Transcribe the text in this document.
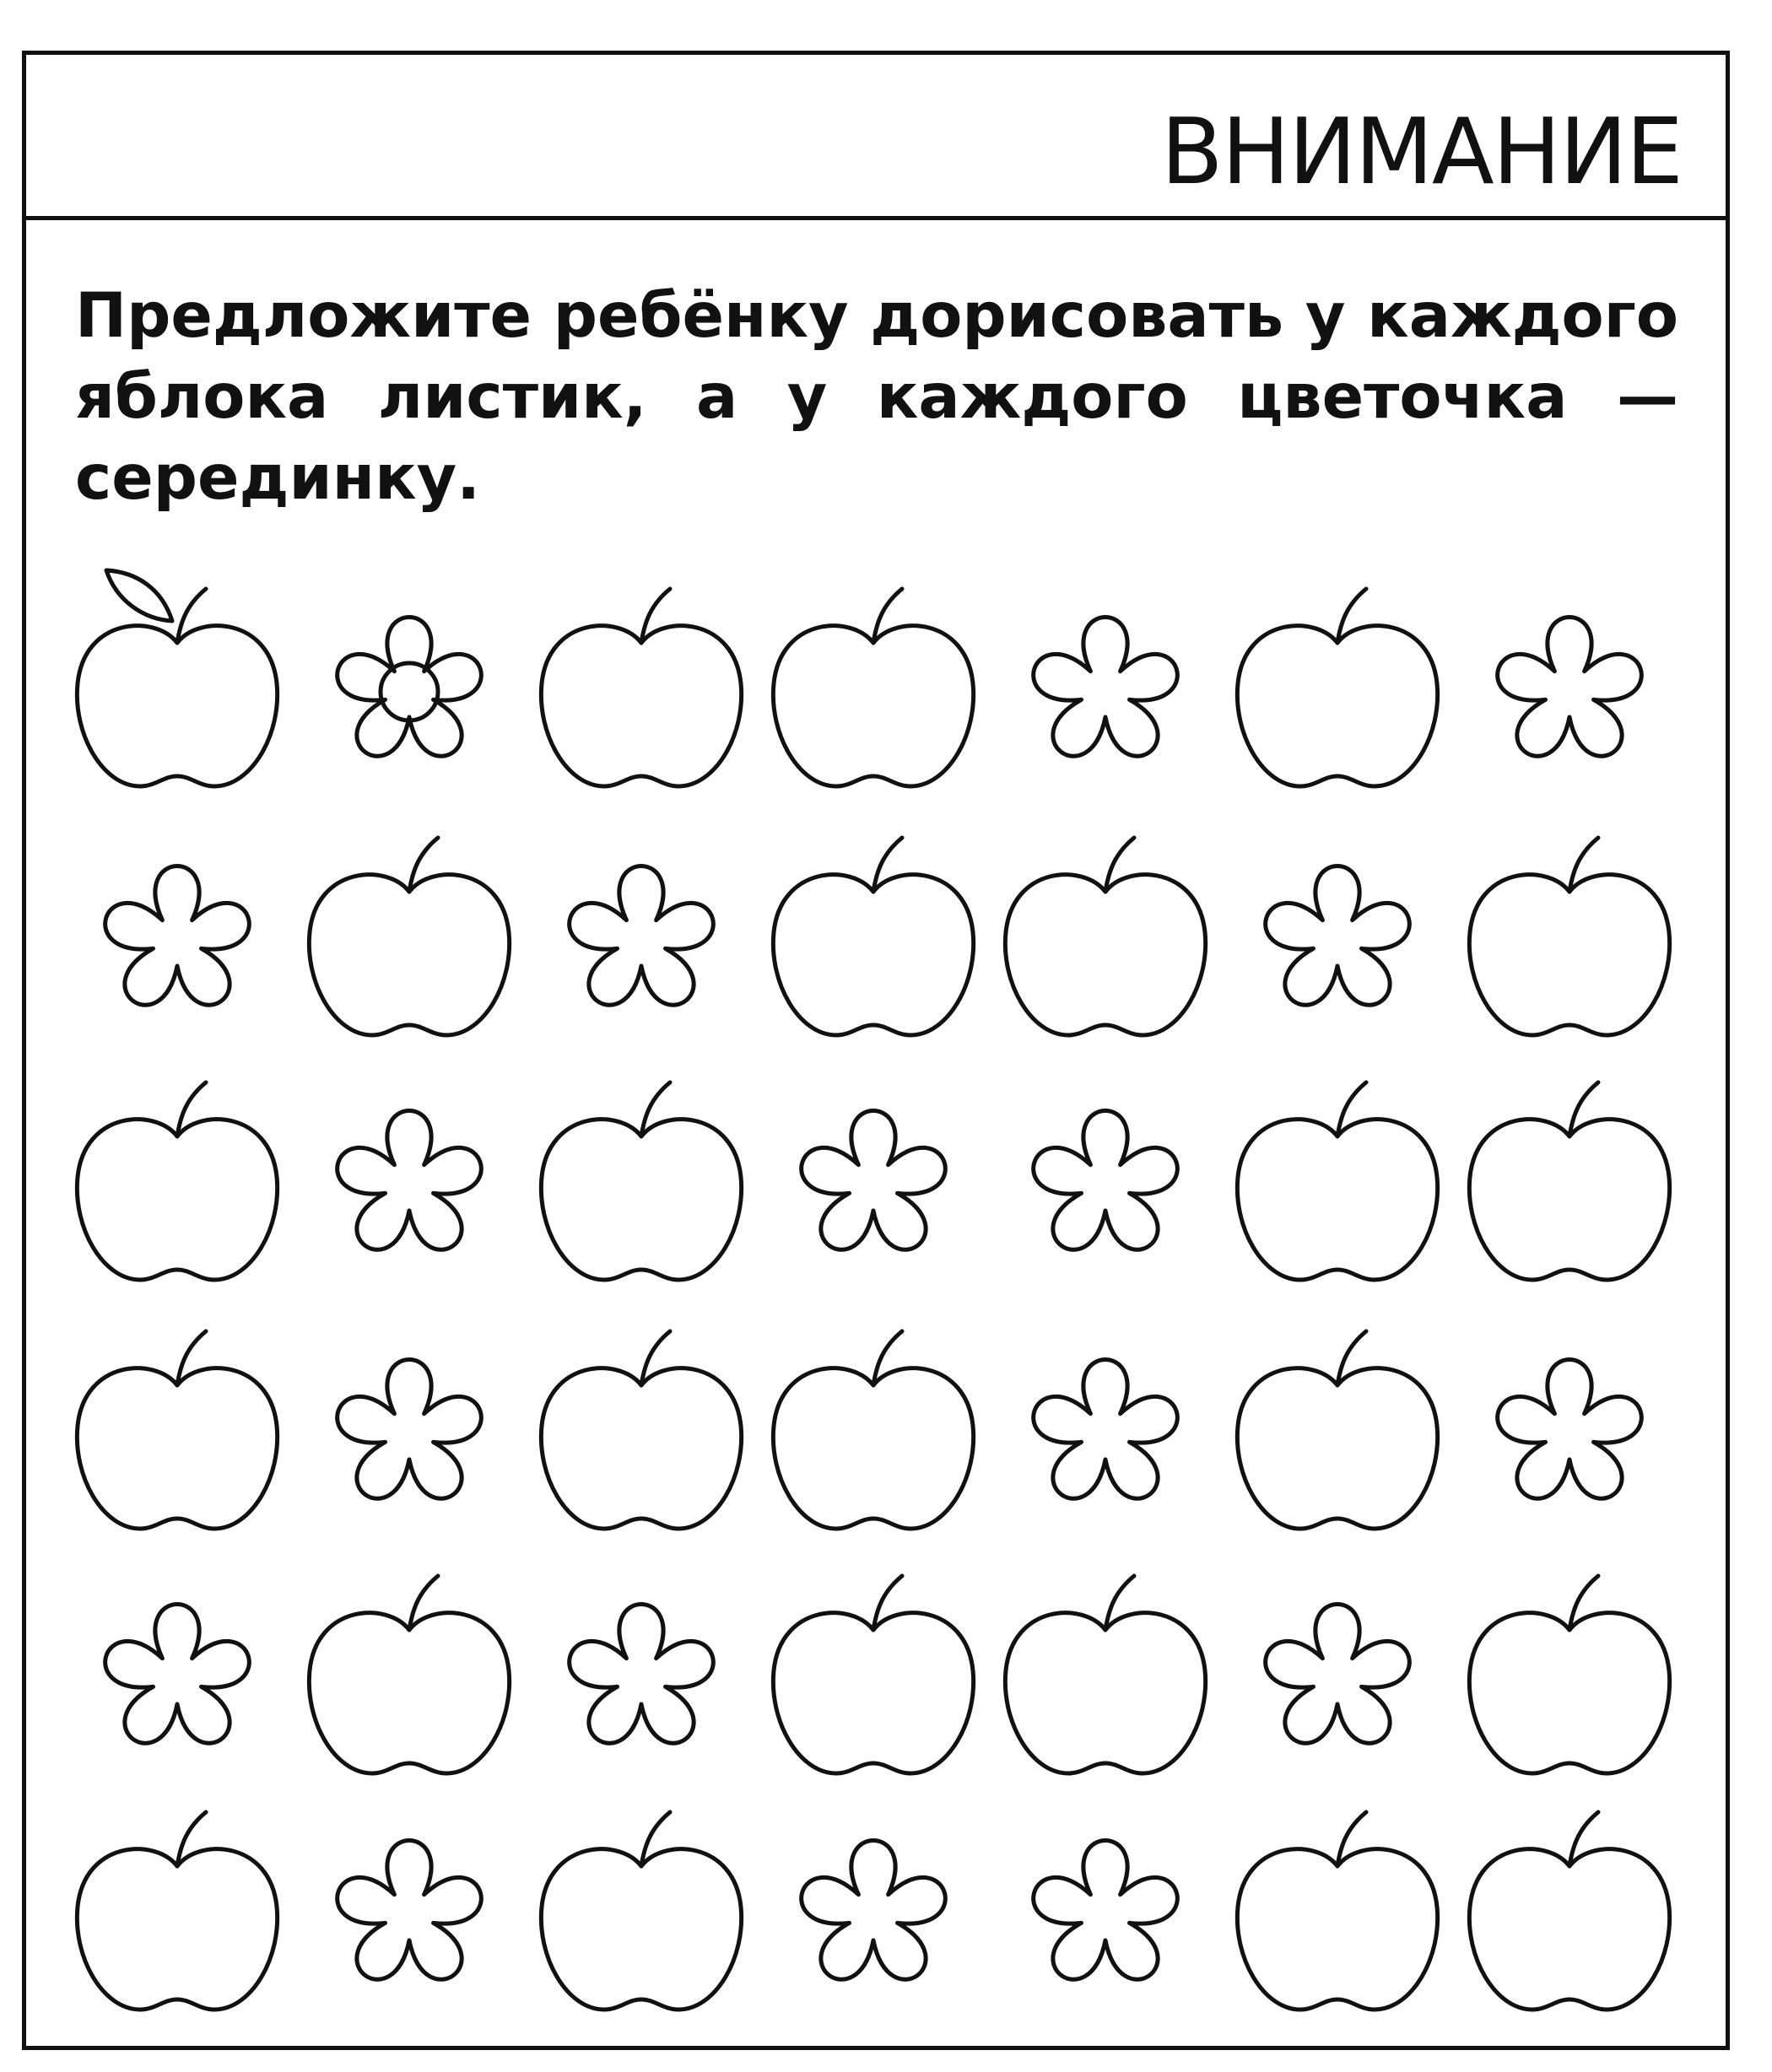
ВНИМАНИЕ

Предложите ребёнку дорисовать у каждого яблока листик, а у каждого цветочка — серединку.
